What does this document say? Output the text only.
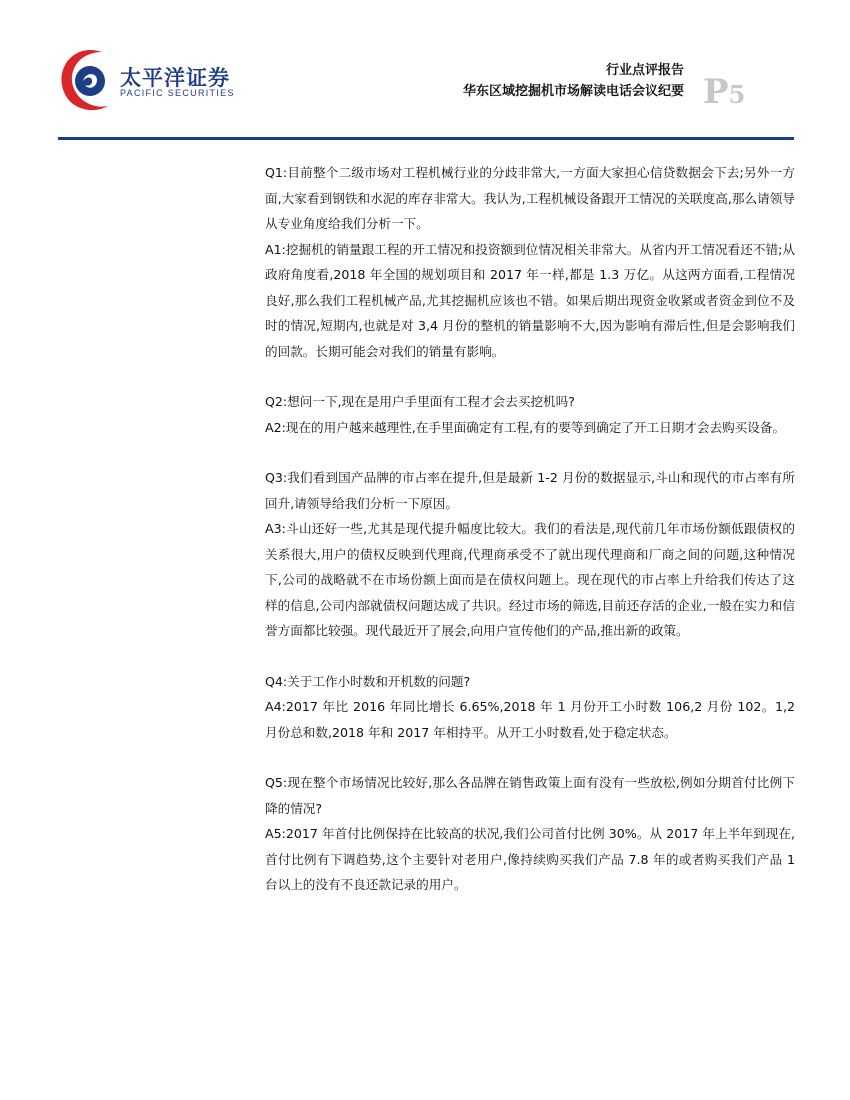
太平洋证券
PACIFIC SECURITIES
行业点评报告
华东区域挖掘机市场解读电话会议纪要 P5

Q1:目前整个二级市场对工程机械行业的分歧非常大,一方面大家担心信贷数据会下去;另外一方面,大家看到钢铁和水泥的库存非常大。我认为,工程机械设备跟开工情况的关联度高,那么请领导从专业角度给我们分析一下。

A1:挖掘机的销量跟工程的开工情况和投资额到位情况相关非常大。从省内开工情况看还不错;从政府角度看,2018 年全国的规划项目和 2017 年一样,都是 1.3 万亿。从这两方面看,工程情况良好,那么我们工程机械产品,尤其挖掘机应该也不错。如果后期出现资金收紧或者资金到位不及时的情况,短期内,也就是对 3,4 月份的整机的销量影响不大,因为影响有滞后性,但是会影响我们的回款。长期可能会对我们的销量有影响。

Q2:想问一下,现在是用户手里面有工程才会去买挖机吗?

A2:现在的用户越来越理性,在手里面确定有工程,有的要等到确定了开工日期才会去购买设备。

Q3:我们看到国产品牌的市占率在提升,但是最新 1-2 月份的数据显示,斗山和现代的市占率有所回升,请领导给我们分析一下原因。

A3:斗山还好一些,尤其是现代提升幅度比较大。我们的看法是,现代前几年市场份额低跟债权的关系很大,用户的债权反映到代理商,代理商承受不了就出现代理商和厂商之间的问题,这种情况下,公司的战略就不在市场份额上面而是在债权问题上。现在现代的市占率上升给我们传达了这样的信息,公司内部就债权问题达成了共识。经过市场的筛选,目前还存活的企业,一般在实力和信誉方面都比较强。现代最近开了展会,向用户宣传他们的产品,推出新的政策。

Q4:关于工作小时数和开机数的问题?

A4:2017 年比 2016 年同比增长 6.65%,2018 年 1 月份开工小时数 106,2 月份 102。1,2 月份总和数,2018 年和 2017 年相持平。从开工小时数看,处于稳定状态。

Q5:现在整个市场情况比较好,那么各品牌在销售政策上面有没有一些放松,例如分期首付比例下降的情况?

A5:2017 年首付比例保持在比较高的状况,我们公司首付比例 30%。从 2017 年上半年到现在,首付比例有下调趋势,这个主要针对老用户,像持续购买我们产品 7.8 年的或者购买我们产品 1 台以上的没有不良还款记录的用户。
